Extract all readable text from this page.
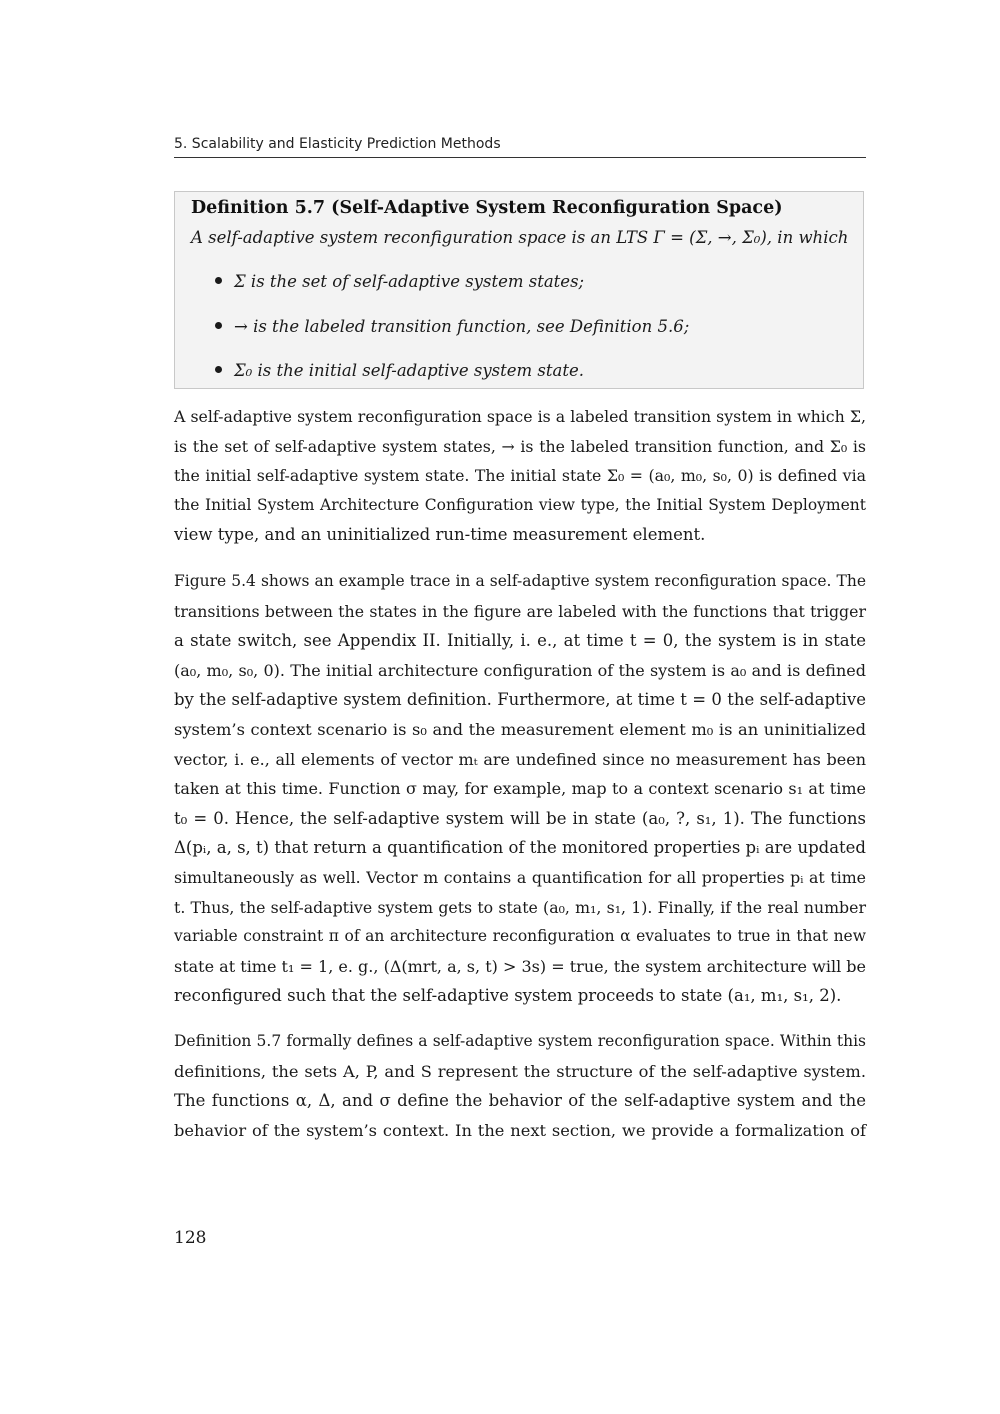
5. Scalability and Elasticity Prediction Methods
Definition 5.7 (Self-Adaptive System Reconfiguration Space)
A self-adaptive system reconfiguration space is an LTS Γ = (Σ, →, Σ₀), in which
Σ is the set of self-adaptive system states;
→ is the labeled transition function, see Definition 5.6;
Σ₀ is the initial self-adaptive system state.

A self-adaptive system reconfiguration space is a labeled transition system in which Σ,
is the set of self-adaptive system states, → is the labeled transition function, and Σ₀ is
the initial self-adaptive system state. The initial state Σ₀ = (a₀, m₀, s₀, 0) is defined via
the Initial System Architecture Configuration view type, the Initial System Deployment
view type, and an uninitialized run-time measurement element.

Figure 5.4 shows an example trace in a self-adaptive system reconfiguration space. The
transitions between the states in the figure are labeled with the functions that trigger
a state switch, see Appendix II. Initially, i. e., at time t = 0, the system is in state
(a₀, m₀, s₀, 0). The initial architecture configuration of the system is a₀ and is defined
by the self-adaptive system definition. Furthermore, at time t = 0 the self-adaptive
system’s context scenario is s₀ and the measurement element m₀ is an uninitialized
vector, i. e., all elements of vector mₜ are undefined since no measurement has been
taken at this time. Function σ may, for example, map to a context scenario s₁ at time
t₀ = 0. Hence, the self-adaptive system will be in state (a₀, ?, s₁, 1). The functions
Δ(pᵢ, a, s, t) that return a quantification of the monitored properties pᵢ are updated
simultaneously as well. Vector m contains a quantification for all properties pᵢ at time
t. Thus, the self-adaptive system gets to state (a₀, m₁, s₁, 1). Finally, if the real number
variable constraint π of an architecture reconfiguration α evaluates to true in that new
state at time t₁ = 1, e. g., (Δ(mrt, a, s, t) > 3s) = true, the system architecture will be
reconfigured such that the self-adaptive system proceeds to state (a₁, m₁, s₁, 2).

Definition 5.7 formally defines a self-adaptive system reconfiguration space. Within this
definitions, the sets A, P, and S represent the structure of the self-adaptive system.
The functions α, Δ, and σ define the behavior of the self-adaptive system and the
behavior of the system’s context. In the next section, we provide a formalization of

128
